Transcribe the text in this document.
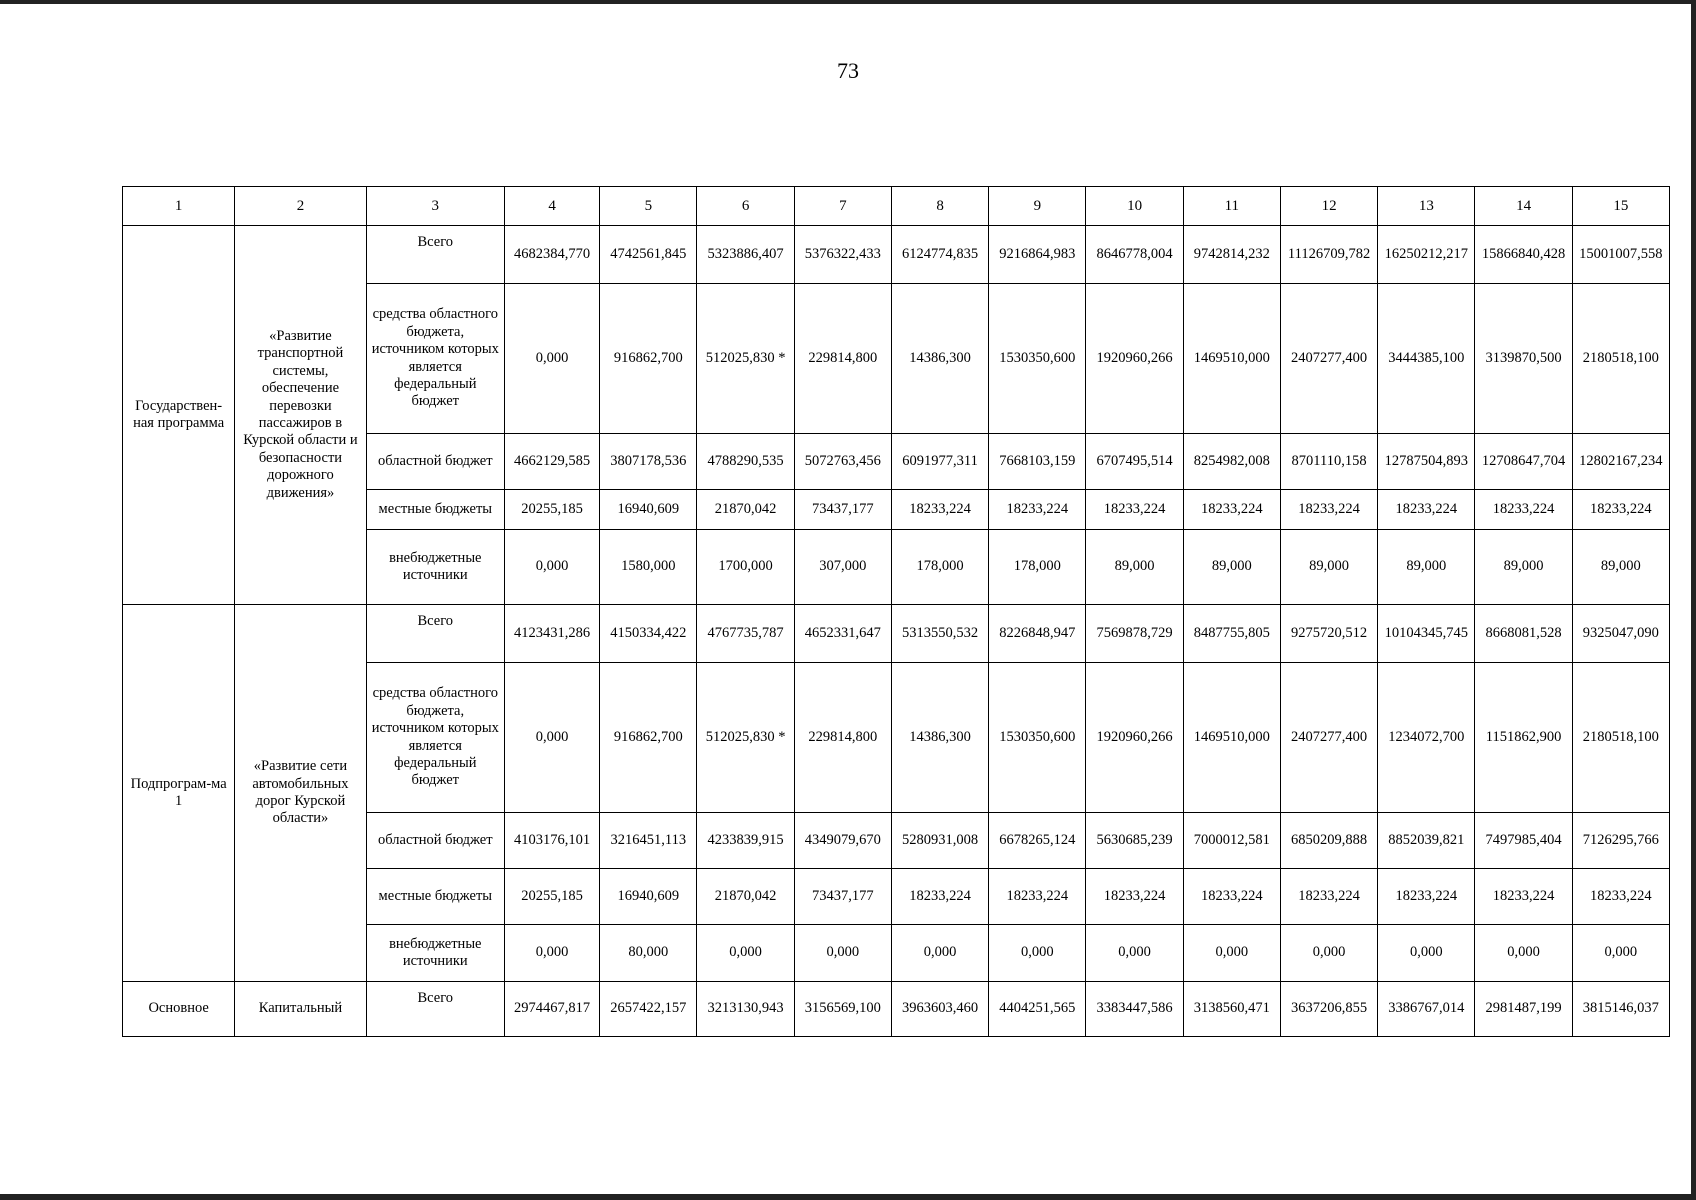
73
1	2	3	4	5	6	7	8	9	10	11	12	13	14	15
Государствен-ная программа	«Развитие транспортной системы, обеспечение перевозки пассажиров в Курской области и безопасности дорожного движения»	Всего	4682384,770	4742561,845	5323886,407	5376322,433	6124774,835	9216864,983	8646778,004	9742814,232	11126709,782	16250212,217	15866840,428	15001007,558
		средства областного бюджета, источником которых является федеральный бюджет	0,000	916862,700	512025,830 *	229814,800	14386,300	1530350,600	1920960,266	1469510,000	2407277,400	3444385,100	3139870,500	2180518,100
		областной бюджет	4662129,585	3807178,536	4788290,535	5072763,456	6091977,311	7668103,159	6707495,514	8254982,008	8701110,158	12787504,893	12708647,704	12802167,234
		местные бюджеты	20255,185	16940,609	21870,042	73437,177	18233,224	18233,224	18233,224	18233,224	18233,224	18233,224	18233,224	18233,224
		внебюджетные источники	0,000	1580,000	1700,000	307,000	178,000	178,000	89,000	89,000	89,000	89,000	89,000	89,000
Подпрограм-ма 1	«Развитие сети автомобильных дорог Курской области»	Всего	4123431,286	4150334,422	4767735,787	4652331,647	5313550,532	8226848,947	7569878,729	8487755,805	9275720,512	10104345,745	8668081,528	9325047,090
		средства областного бюджета, источником которых является федеральный бюджет	0,000	916862,700	512025,830 *	229814,800	14386,300	1530350,600	1920960,266	1469510,000	2407277,400	1234072,700	1151862,900	2180518,100
		областной бюджет	4103176,101	3216451,113	4233839,915	4349079,670	5280931,008	6678265,124	5630685,239	7000012,581	6850209,888	8852039,821	7497985,404	7126295,766
		местные бюджеты	20255,185	16940,609	21870,042	73437,177	18233,224	18233,224	18233,224	18233,224	18233,224	18233,224	18233,224	18233,224
		внебюджетные источники	0,000	80,000	0,000	0,000	0,000	0,000	0,000	0,000	0,000	0,000	0,000	0,000
Основное	Капитальный	Всего	2974467,817	2657422,157	3213130,943	3156569,100	3963603,460	4404251,565	3383447,586	3138560,471	3637206,855	3386767,014	2981487,199	3815146,037
